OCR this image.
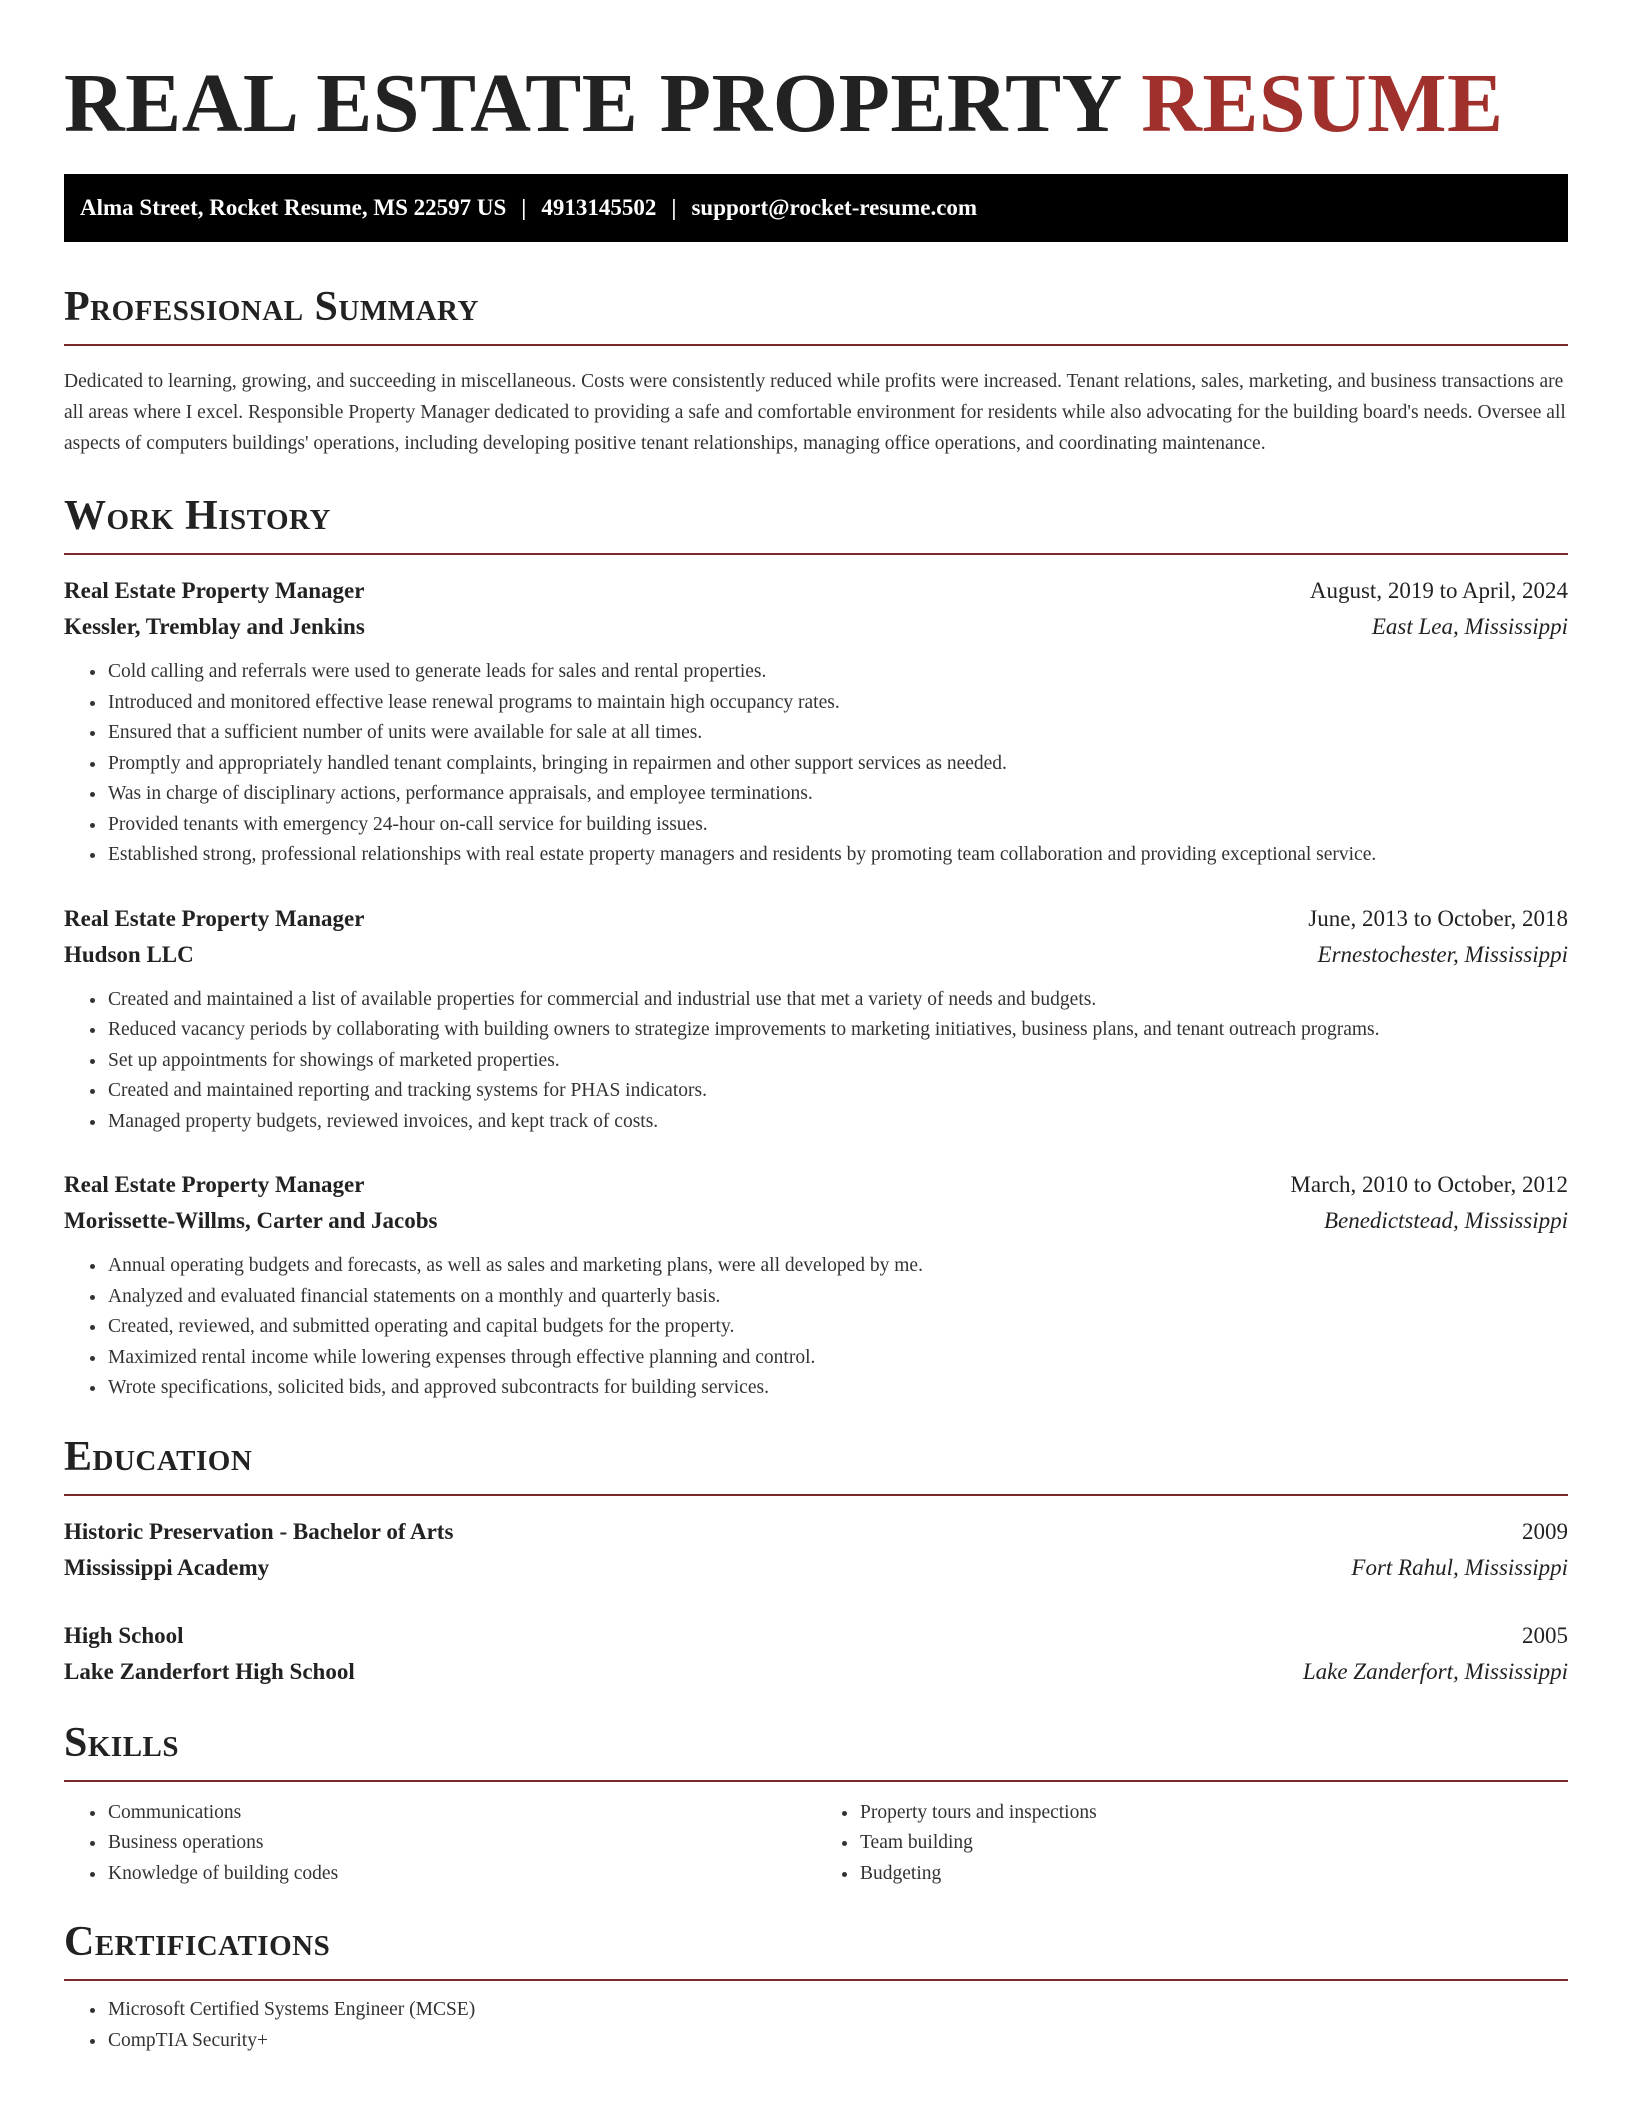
REAL ESTATE PROPERTY RESUME
Alma Street, Rocket Resume, MS 22597 US | 4913145502 | support@rocket-resume.com
Professional Summary

Dedicated to learning, growing, and succeeding in miscellaneous. Costs were consistently reduced while profits were increased. Tenant relations, sales, marketing, and business transactions are all areas where I excel. Responsible Property Manager dedicated to providing a safe and comfortable environment for residents while also advocating for the building board's needs. Oversee all aspects of computers buildings' operations, including developing positive tenant relationships, managing office operations, and coordinating maintenance.

Work History
Real Estate Property Manager	August, 2019 to April, 2024
Kessler, Tremblay and Jenkins	East Lea, Mississippi
• Cold calling and referrals were used to generate leads for sales and rental properties.
• Introduced and monitored effective lease renewal programs to maintain high occupancy rates.
• Ensured that a sufficient number of units were available for sale at all times.
• Promptly and appropriately handled tenant complaints, bringing in repairmen and other support services as needed.
• Was in charge of disciplinary actions, performance appraisals, and employee terminations.
• Provided tenants with emergency 24-hour on-call service for building issues.
• Established strong, professional relationships with real estate property managers and residents by promoting team collaboration and providing exceptional service.
Real Estate Property Manager	June, 2013 to October, 2018
Hudson LLC	Ernestochester, Mississippi
• Created and maintained a list of available properties for commercial and industrial use that met a variety of needs and budgets.
• Reduced vacancy periods by collaborating with building owners to strategize improvements to marketing initiatives, business plans, and tenant outreach programs.
• Set up appointments for showings of marketed properties.
• Created and maintained reporting and tracking systems for PHAS indicators.
• Managed property budgets, reviewed invoices, and kept track of costs.
Real Estate Property Manager	March, 2010 to October, 2012
Morissette-Willms, Carter and Jacobs	Benedictstead, Mississippi
• Annual operating budgets and forecasts, as well as sales and marketing plans, were all developed by me.
• Analyzed and evaluated financial statements on a monthly and quarterly basis.
• Created, reviewed, and submitted operating and capital budgets for the property.
• Maximized rental income while lowering expenses through effective planning and control.
• Wrote specifications, solicited bids, and approved subcontracts for building services.
Education
Historic Preservation - Bachelor of Arts	2009
Mississippi Academy	Fort Rahul, Mississippi
High School	2005
Lake Zanderfort High School	Lake Zanderfort, Mississippi
Skills
• Communications
• Business operations
• Knowledge of building codes
• Property tours and inspections
• Team building
• Budgeting
Certifications
• Microsoft Certified Systems Engineer (MCSE)
• CompTIA Security+
